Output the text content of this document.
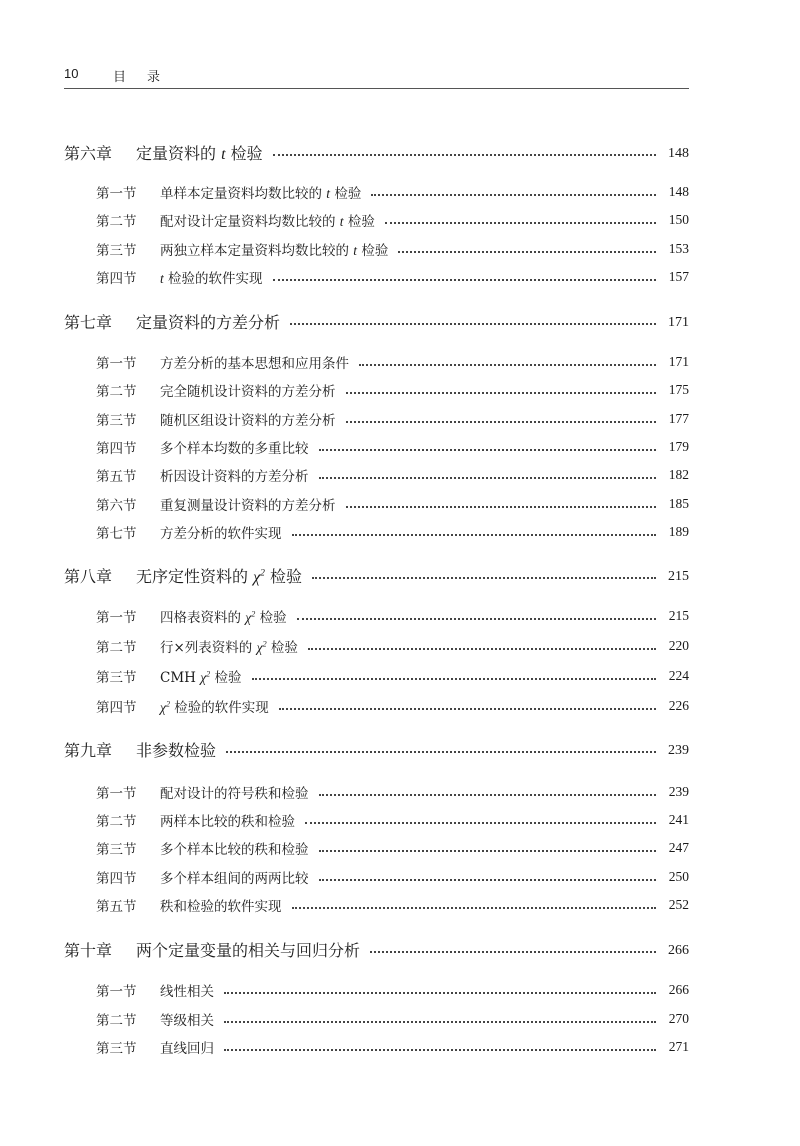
10	目 录
第六章	定量资料的 t 检验	148
第一节	单样本定量资料均数比较的 t 检验	148
第二节	配对设计定量资料均数比较的 t 检验	150
第三节	两独立样本定量资料均数比较的 t 检验	153
第四节	t 检验的软件实现	157
第七章	定量资料的方差分析	171
第一节	方差分析的基本思想和应用条件	171
第二节	完全随机设计资料的方差分析	175
第三节	随机区组设计资料的方差分析	177
第四节	多个样本均数的多重比较	179
第五节	析因设计资料的方差分析	182
第六节	重复测量设计资料的方差分析	185
第七节	方差分析的软件实现	189
第八章	无序定性资料的 $\chi^2$ 检验	215
第一节	四格表资料的 $\chi^2$ 检验	215
第二节	行×列表资料的 $\chi^2$ 检验	220
第三节	CMH $\chi^2$ 检验	224
第四节	$\chi^2$ 检验的软件实现	226
第九章	非参数检验	239
第一节	配对设计的符号秩和检验	239
第二节	两样本比较的秩和检验	241
第三节	多个样本比较的秩和检验	247
第四节	多个样本组间的两两比较	250
第五节	秩和检验的软件实现	252
第十章	两个定量变量的相关与回归分析	266
第一节	线性相关	266
第二节	等级相关	270
第三节	直线回归	271
